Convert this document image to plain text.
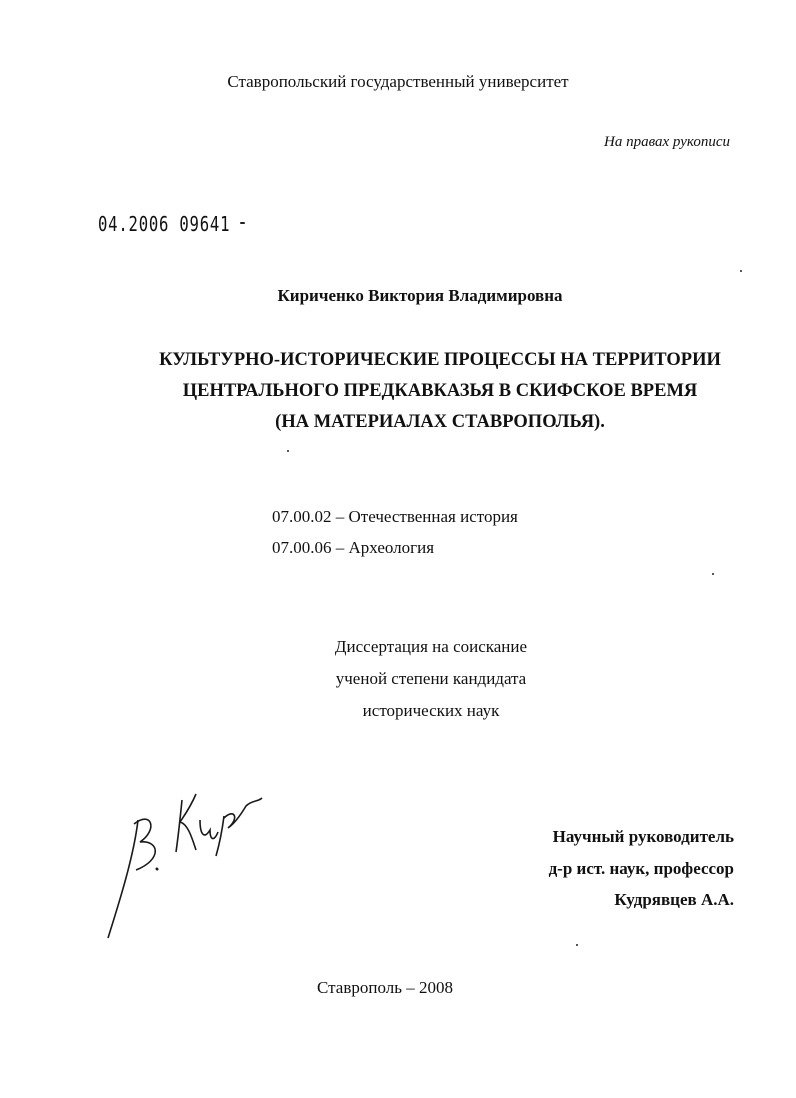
Ставропольский государственный университет
На правах рукописи
04.2006 09641
Кириченко Виктория Владимировна
КУЛЬТУРНО-ИСТОРИЧЕСКИЕ ПРОЦЕССЫ НА ТЕРРИТОРИИ
ЦЕНТРАЛЬНОГО ПРЕДКАВКАЗЬЯ В СКИФСКОЕ ВРЕМЯ
(НА МАТЕРИАЛАХ СТАВРОПОЛЬЯ).
07.00.02 – Отечественная история
07.00.06 – Археология
Диссертация на соискание
ученой степени кандидата
исторических наук
Научный руководитель
д-р ист. наук, профессор
Кудрявцев А.А.
Ставрополь – 2008
